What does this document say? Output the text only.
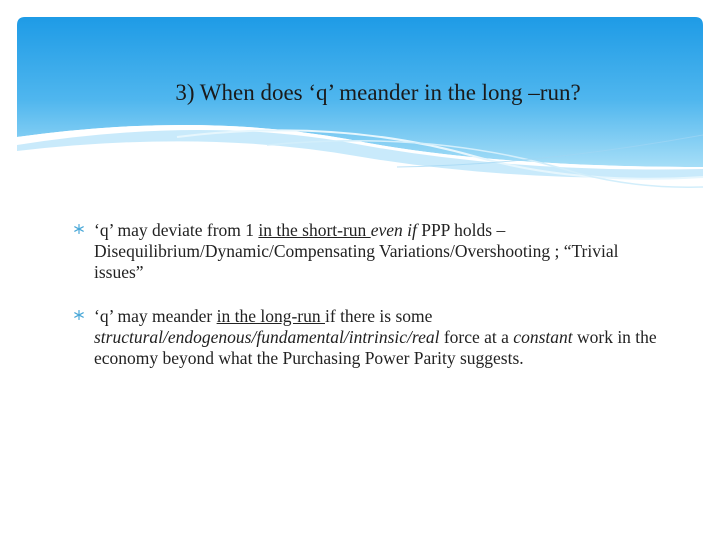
3) When does ‘q’ meander in the long –run?
‘q’ may deviate from 1 in the short-run even if PPP holds – Disequilibrium/Dynamic/Compensating Variations/Overshooting ; “Trivial issues”
‘q’ may meander in the long-run if there is some structural/endogenous/fundamental/intrinsic/real force at a constant work in the economy beyond what the Purchasing Power Parity suggests.
